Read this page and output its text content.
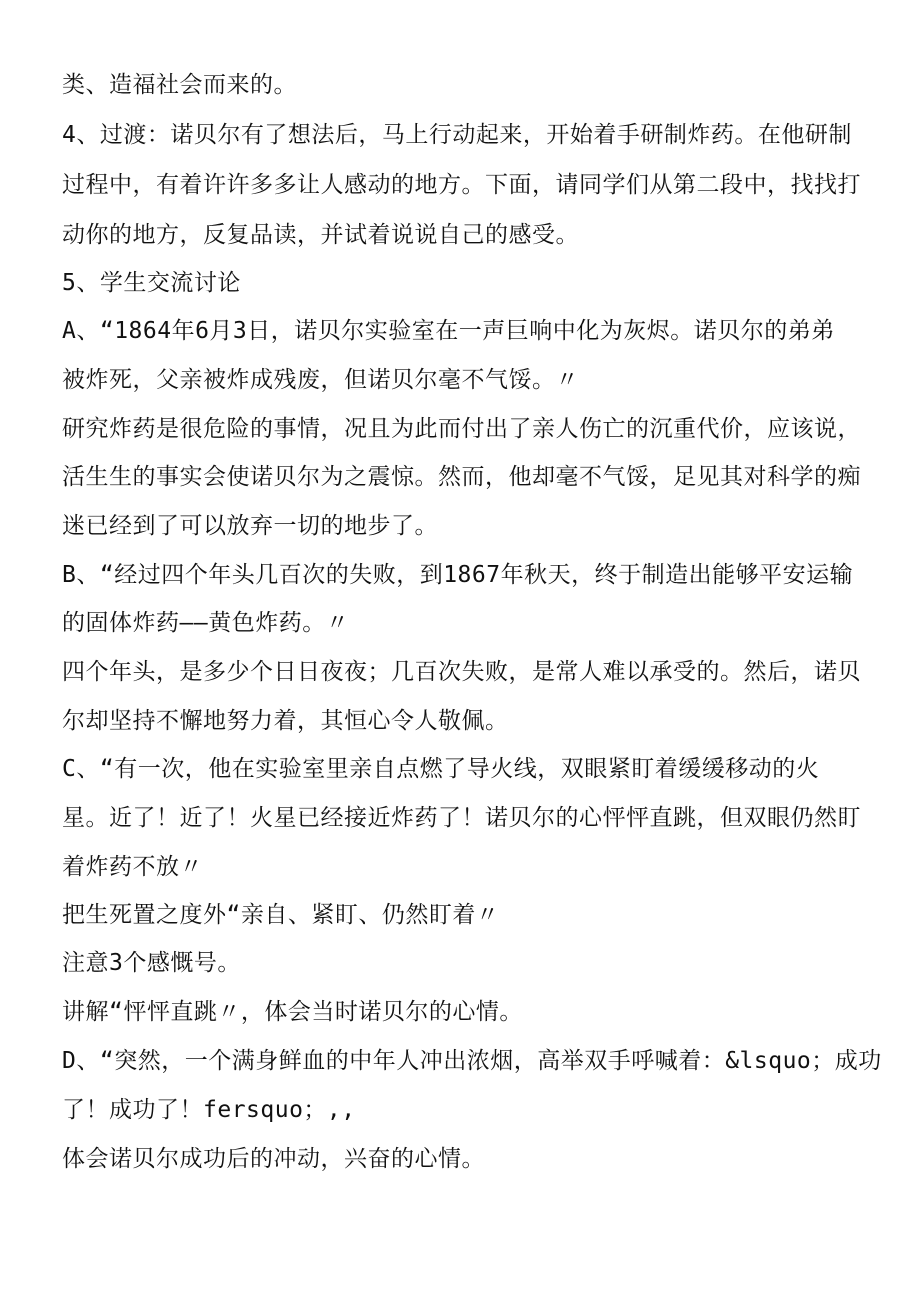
类、造福社会而来的。

4、过渡：诺贝尔有了想法后，马上行动起来，开始着手研制炸药。在他研制

过程中，有着许许多多让人感动的地方。下面，请同学们从第二段中，找找打

动你的地方，反复品读，并试着说说自己的感受。

5、学生交流讨论

A、“1864年6月3日，诺贝尔实验室在一声巨响中化为灰烬。诺贝尔的弟弟

被炸死，父亲被炸成残废，但诺贝尔毫不气馁。〃

研究炸药是很危险的事情，况且为此而付出了亲人伤亡的沉重代价，应该说，

活生生的事实会使诺贝尔为之震惊。然而，他却毫不气馁，足见其对科学的痴

迷已经到了可以放弃一切的地步了。

B、“经过四个年头几百次的失败，到1867年秋天，终于制造出能够平安运输

的固体炸药——黄色炸药。〃

四个年头，是多少个日日夜夜；几百次失败，是常人难以承受的。然后，诺贝

尔却坚持不懈地努力着，其恒心令人敬佩。

C、“有一次，他在实验室里亲自点燃了导火线，双眼紧盯着缓缓移动的火

星。近了！近了！火星已经接近炸药了！诺贝尔的心怦怦直跳，但双眼仍然盯

着炸药不放〃

把生死置之度外“亲自、紧盯、仍然盯着〃

注意3个感慨号。

讲解“怦怦直跳〃，体会当时诺贝尔的心情。

D、“突然，一个满身鲜血的中年人冲出浓烟，高举双手呼喊着：&lsquo；成功

了！成功了！fersquo；,,

体会诺贝尔成功后的冲动，兴奋的心情。
